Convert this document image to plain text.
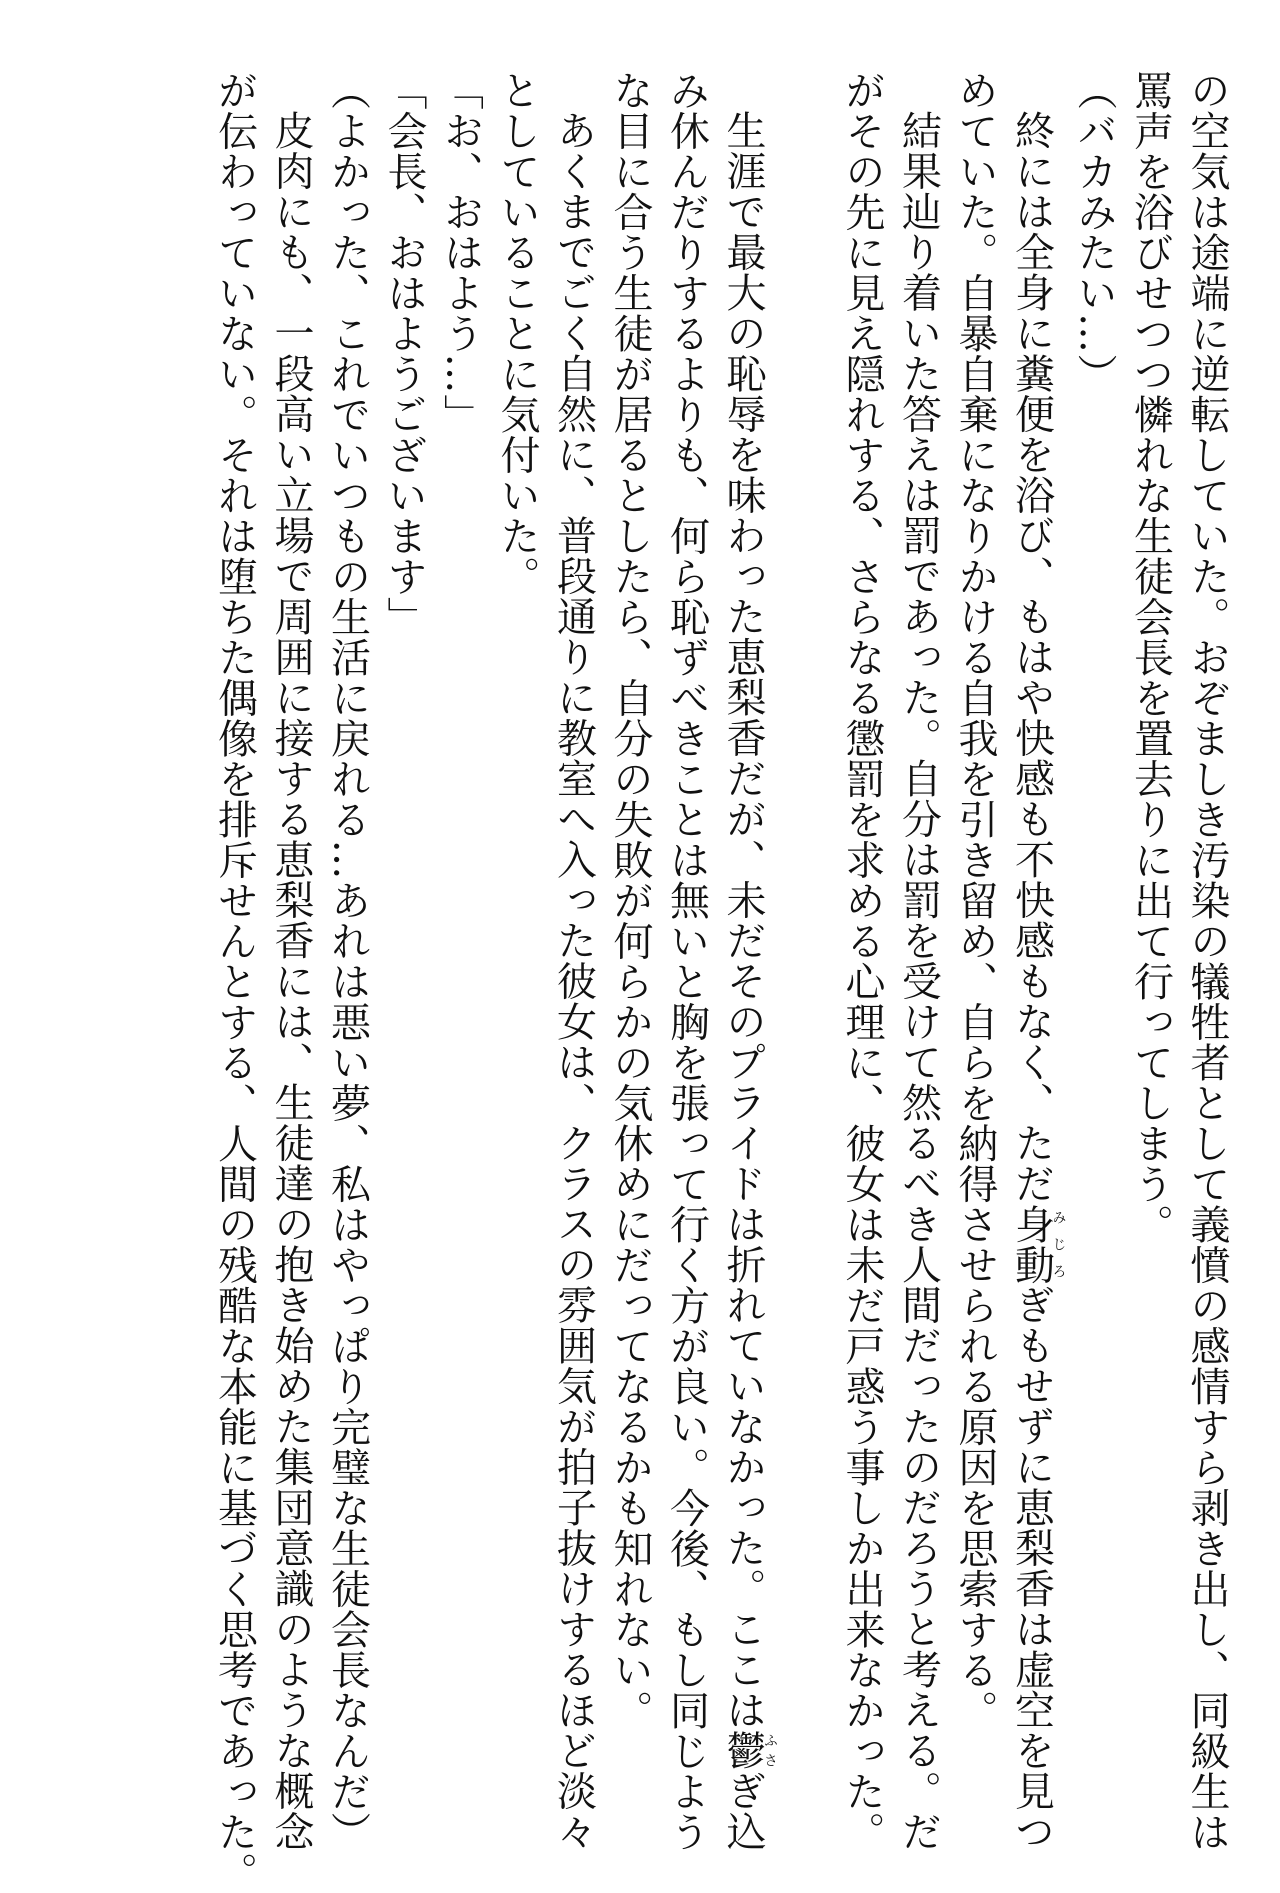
の空気は途端に逆転していた。おぞましき汚染の犠牲者として義憤の感情すら剥き出し、同級生は
罵声を浴びせつつ憐れな生徒会長を置去りに出て行ってしまう。
（バカみたい…）
終には全身に糞便を浴び、もはや快感も不快感もなく、ただ身動みじろぎもせずに恵梨香は虚空を見つ
めていた。自暴自棄になりかける自我を引き留め、自らを納得させられる原因を思索する。
結果辿り着いた答えは罰であった。自分は罰を受けて然るべき人間だったのだろうと考える。だ
がその先に見え隠れする、さらなる懲罰を求める心理に、彼女は未だ戸惑う事しか出来なかった。
生涯で最大の恥辱を味わった恵梨香だが、未だそのプライドは折れていなかった。ここは鬱ふさぎ込
み休んだりするよりも、何ら恥ずべきことは無いと胸を張って行く方が良い。今後、もし同じよう
な目に合う生徒が居るとしたら、自分の失敗が何らかの気休めにだってなるかも知れない。
あくまでごく自然に、普段通りに教室へ入った彼女は、クラスの雰囲気が拍子抜けするほど淡々
としていることに気付いた。
「お、おはよう…」
「会長、おはようございます」
（よかった、これでいつもの生活に戻れる…あれは悪い夢、私はやっぱり完璧な生徒会長なんだ）
皮肉にも、一段高い立場で周囲に接する恵梨香には、生徒達の抱き始めた集団意識のような概念
が伝わっていない。それは堕ちた偶像を排斥せんとする、人間の残酷な本能に基づく思考であった。
